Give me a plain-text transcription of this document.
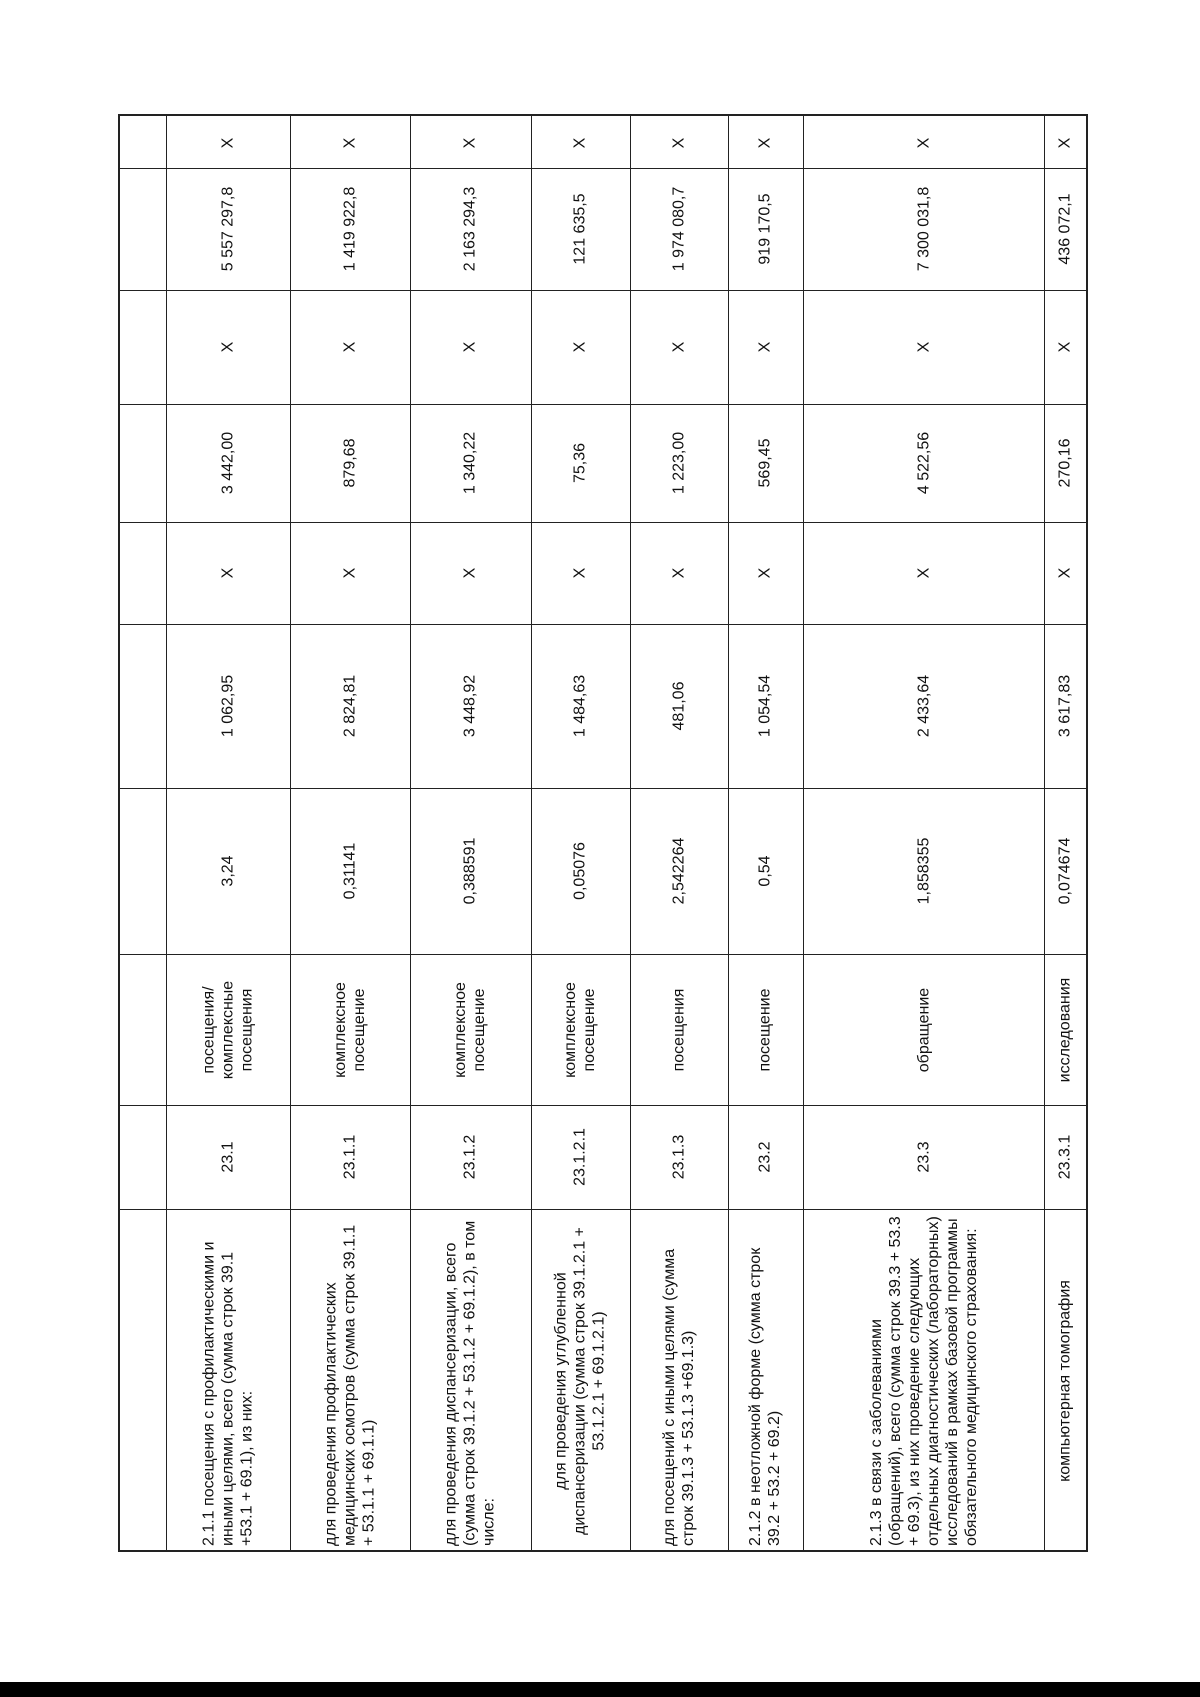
2.1.1 посещения с профилактическими и иными целями, всего (сумма строк 39.1 +53.1 + 69.1), из них:
23.1
посещения/ комплексные посещения
3,24
1 062,95
X
3 442,00
X
5 557 297,8
X
для проведения профилактических медицинских осмотров (сумма строк 39.1.1 + 53.1.1 + 69.1.1)
23.1.1
комплексное посещение
0,31141
2 824,81
X
879,68
X
1 419 922,8
X
для проведения диспансеризации, всего (сумма строк 39.1.2 + 53.1.2 + 69.1.2), в том числе:
23.1.2
комплексное посещение
0,388591
3 448,92
X
1 340,22
X
2 163 294,3
X
для проведения углубленной диспансеризации (сумма строк 39.1.2.1 + 53.1.2.1 + 69.1.2.1)
23.1.2.1
комплексное посещение
0,05076
1 484,63
X
75,36
X
121 635,5
X
для посещений с иными целями (сумма строк 39.1.3 + 53.1.3 +69.1.3)
23.1.3
посещения
2,542264
481,06
X
1 223,00
X
1 974 080,7
X
2.1.2 в неотложной форме (сумма строк 39.2 + 53.2 + 69.2)
23.2
посещение
0,54
1 054,54
X
569,45
X
919 170,5
X
2.1.3 в связи с заболеваниями (обращений), всего (сумма строк 39.3 + 53.3 + 69.3), из них проведение следующих отдельных диагностических (лабораторных) исследований в рамках базовой программы обязательного медицинского страхования:
23.3
обращение
1,858355
2 433,64
X
4 522,56
X
7 300 031,8
X
компьютерная томография
23.3.1
исследования
0,074674
3 617,83
X
270,16
X
436 072,1
X
